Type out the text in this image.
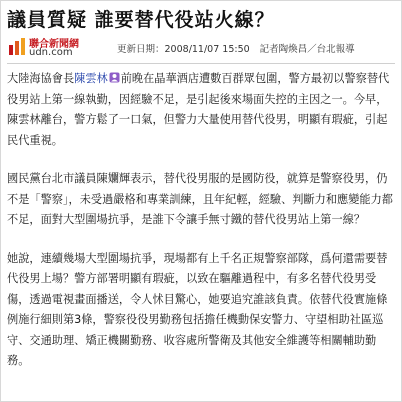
議員質疑 誰要替代役站火線？
聯合新聞網
udn.com	更新日期：2008/11/07 15:50 記者陶煥昌／台北報導

大陸海協會長陳雲林 前晚在晶華酒店遭數百群眾包圍，警方最初以警察替代役男站上第一線執勤，因經驗不足，是引起後來場面失控的主因之一。今早，陳雲林離台，警方鬆了一口氣，但警力大量使用替代役男，明顯有瑕疵，引起民代重視。

國民黨台北市議員陳孄輝表示，替代役男服的是國防役，就算是警察役男，仍不是「警察」，未受過嚴格和專業訓練，且年紀輕，經驗、判斷力和應變能力都不足，面對大型圍場抗爭，是誰下令讓手無寸鐵的替代役男站上第一線？

她說，連續幾場大型圍場抗爭，現場都有上千名正規警察部隊，爲何還需要替代役男上場？警方部署明顯有瑕疵，以致在驅離過程中，有多名替代役男受傷，透過電視畫面播送，令人怵目驚心，她要追究誰該負責。依替代役實施條例施行細則第3條，警察役役男勤務包括擔任機動保安警力、守望相助社區巡守、交通助理、矯正機關勤務、收容處所警衛及其他安全維護等相關輔助勤務。
